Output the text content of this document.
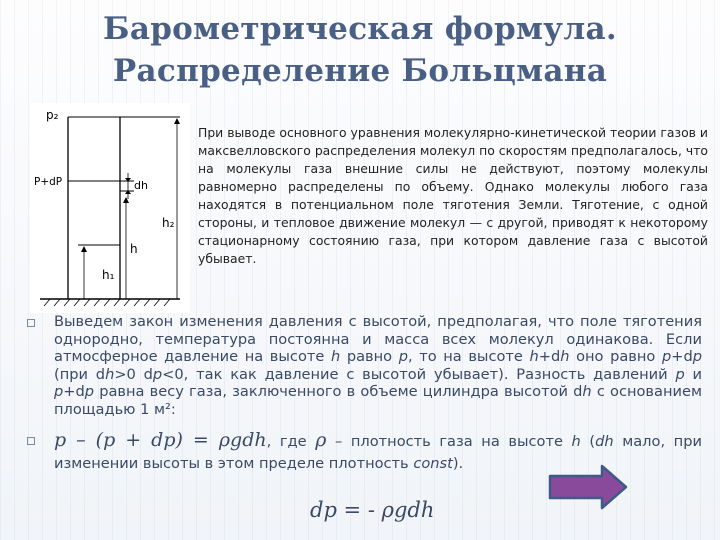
Барометрическая формула.
Распределение Больцмана
p₂
P+dP	dh
h₂
h
h₁
При выводе основного уравнения молекулярно-кинетической теории газов и максвелловского распределения молекул по скоростям предполагалось, что на молекулы газа внешние силы не действуют, поэтому молекулы равномерно распределены по объему. Однако молекулы любого газа находятся в потенциальном поле тяготения Земли. Тяготение, с одной стороны, и тепловое движение молекул — с другой, приводят к некоторому стационарному состоянию газа, при котором давление газа с высотой убывает.
Выведем закон изменения давления с высотой, предполагая, что поле тяготения однородно, температура постоянна и масса всех молекул одинакова. Если атмосферное давление на высоте h равно p, то на высоте h+dh оно равно p+dp (при dh>0 dp<0, так как давление с высотой убывает). Разность давлений p и p+dp равна весу газа, заключенного в объеме цилиндра высотой dh с основанием площадью 1 м²:
p – (p + dp) = ρgdh, где ρ – плотность газа на высоте h (dh мало, при изменении высоты в этом пределе плотность const).
dp = - ρgdh
